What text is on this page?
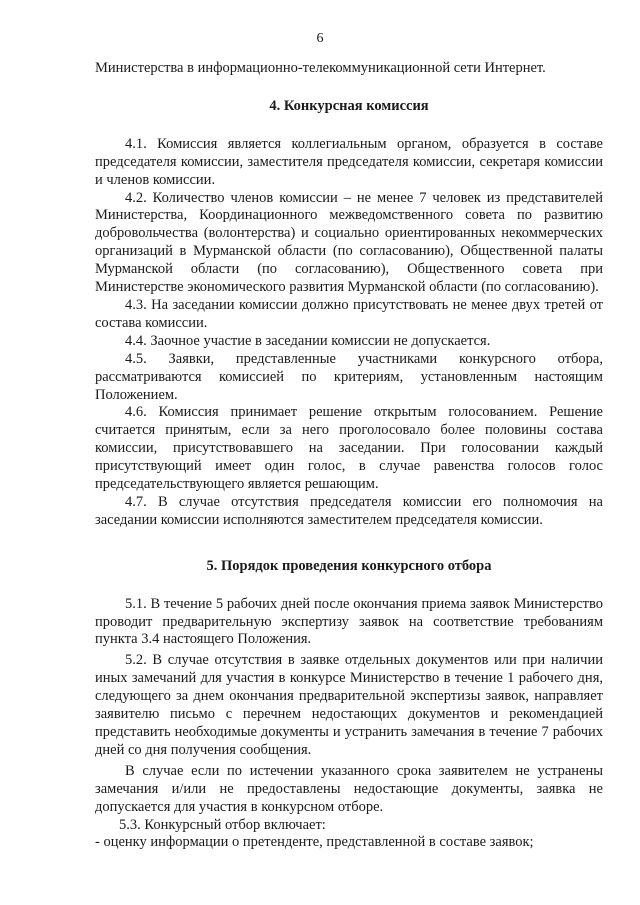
6

Министерства в информационно-телекоммуникационной сети Интернет.

4. Конкурсная комиссия

4.1. Комиссия является коллегиальным органом, образуется в составе председателя комиссии, заместителя председателя комиссии, секретаря комиссии и членов комиссии.

4.2. Количество членов комиссии – не менее 7 человек из представителей Министерства, Координационного межведомственного совета по развитию добровольчества (волонтерства) и социально ориентированных некоммерческих организаций в Мурманской области (по согласованию), Общественной палаты Мурманской области (по согласованию), Общественного совета при Министерстве экономического развития Мурманской области (по согласованию).

4.3. На заседании комиссии должно присутствовать не менее двух третей от состава комиссии.

4.4. Заочное участие в заседании комиссии не допускается.

4.5. Заявки, представленные участниками конкурсного отбора, рассматриваются комиссией по критериям, установленным настоящим Положением.

4.6. Комиссия принимает решение открытым голосованием. Решение считается принятым, если за него проголосовало более половины состава комиссии, присутствовавшего на заседании. При голосовании каждый присутствующий имеет один голос, в случае равенства голосов голос председательствующего является решающим.

4.7. В случае отсутствия председателя комиссии его полномочия на заседании комиссии исполняются заместителем председателя комиссии.

5. Порядок проведения конкурсного отбора

5.1. В течение 5 рабочих дней после окончания приема заявок Министерство проводит предварительную экспертизу заявок на соответствие требованиям пункта 3.4 настоящего Положения.

5.2. В случае отсутствия в заявке отдельных документов или при наличии иных замечаний для участия в конкурсе Министерство в течение 1 рабочего дня, следующего за днем окончания предварительной экспертизы заявок, направляет заявителю письмо с перечнем недостающих документов и рекомендацией представить необходимые документы и устранить замечания в течение 7 рабочих дней со дня получения сообщения.

В случае если по истечении указанного срока заявителем не устранены замечания и/или не предоставлены недостающие документы, заявка не допускается для участия в конкурсном отборе.

5.3. Конкурсный отбор включает:

- оценку информации о претенденте, представленной в составе заявок;
